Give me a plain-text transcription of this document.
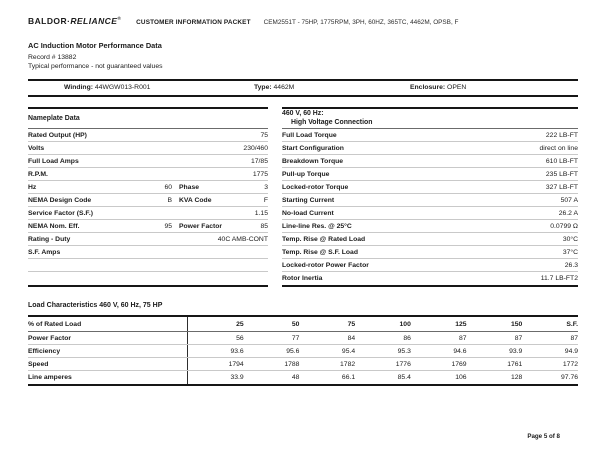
BALDOR·RELIANCE®
CUSTOMER INFORMATION PACKET CEM2551T - 75HP, 1775RPM, 3PH, 60HZ, 365TC, 4462M, OPSB, F
AC Induction Motor Performance Data
Record # 13882
Typical performance - not guaranteed values
Winding: 44WGW013-R001	Type: 4462M	Enclosure: OPEN
Nameplate Data
Rated Output (HP)	75
Volts	230/460
Full Load Amps	17/85
R.P.M.	1775
Hz	60	Phase	3
NEMA Design Code	B	KVA Code	F
Service Factor (S.F.)	1.15
NEMA Nom. Eff.	95	Power Factor	85
Rating - Duty	40C AMB-CONT
S.F. Amps
460 V, 60 Hz:
High Voltage Connection
Full Load Torque	222 LB-FT
Start Configuration	direct on line
Breakdown Torque	610 LB-FT
Pull-up Torque	235 LB-FT
Locked-rotor Torque	327 LB-FT
Starting Current	507 A
No-load Current	26.2 A
Line-line Res. @ 25°C	0.0799 Ω
Temp. Rise @ Rated Load	30°C
Temp. Rise @ S.F. Load	37°C
Locked-rotor Power Factor	26.3
Rotor Inertia	11.7 LB-FT2
Load Characteristics 460 V, 60 Hz, 75 HP
% of Rated Load	25	50	75	100	125	150	S.F.
Power Factor	56	77	84	86	87	87	87
Efficiency	93.6	95.6	95.4	95.3	94.6	93.9	94.9
Speed	1794	1788	1782	1776	1769	1761	1772
Line amperes	33.9	48	66.1	85.4	106	128	97.76
Page 5 of 8
